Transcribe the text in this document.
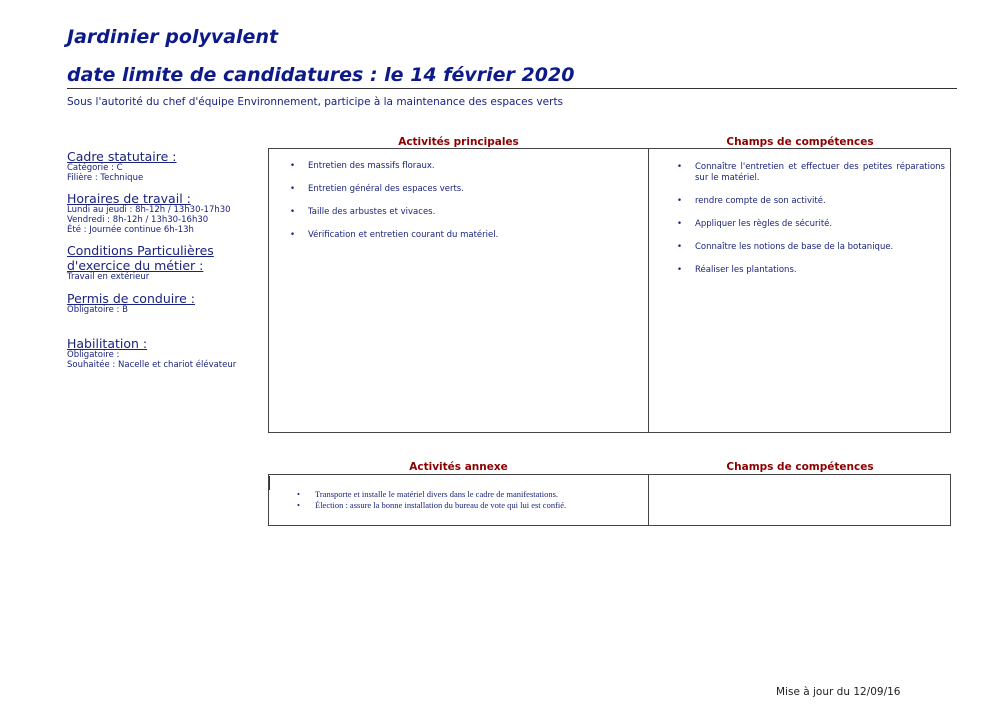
Jardinier polyvalent
date limite de candidatures : le 14 février 2020
Sous l'autorité du chef d'équipe Environnement, participe à la maintenance des espaces verts
Cadre statutaire :
Catégorie : C
Filière : Technique
Horaires de travail :
Lundi au jeudi : 8h-12h / 13h30-17h30
Vendredi : 8h-12h / 13h30-16h30
Été : Journée continue 6h-13h
Conditions Particulières
d'exercice du métier :
Travail en extérieur
Permis de conduire :
Obligatoire : B
Habilitation :
Obligatoire :
Souhaitée : Nacelle et chariot élévateur
Activités principales	Champs de compétences
• Entretien des massifs floraux.
• Entretien général des espaces verts.
• Taille des arbustes et vivaces.
• Vérification et entretien courant du matériel.
• Connaître l'entretien et effectuer des petites réparations sur le matériel.
• rendre compte de son activité.
• Appliquer les règles de sécurité.
• Connaître les notions de base de la botanique.
• Réaliser les plantations.
Activités annexe	Champs de compétences
• Transporte et installe le matériel divers dans le cadre de manifestations.
• Élection : assure la bonne installation du bureau de vote qui lui est confié.
Mise à jour du 12/09/16
